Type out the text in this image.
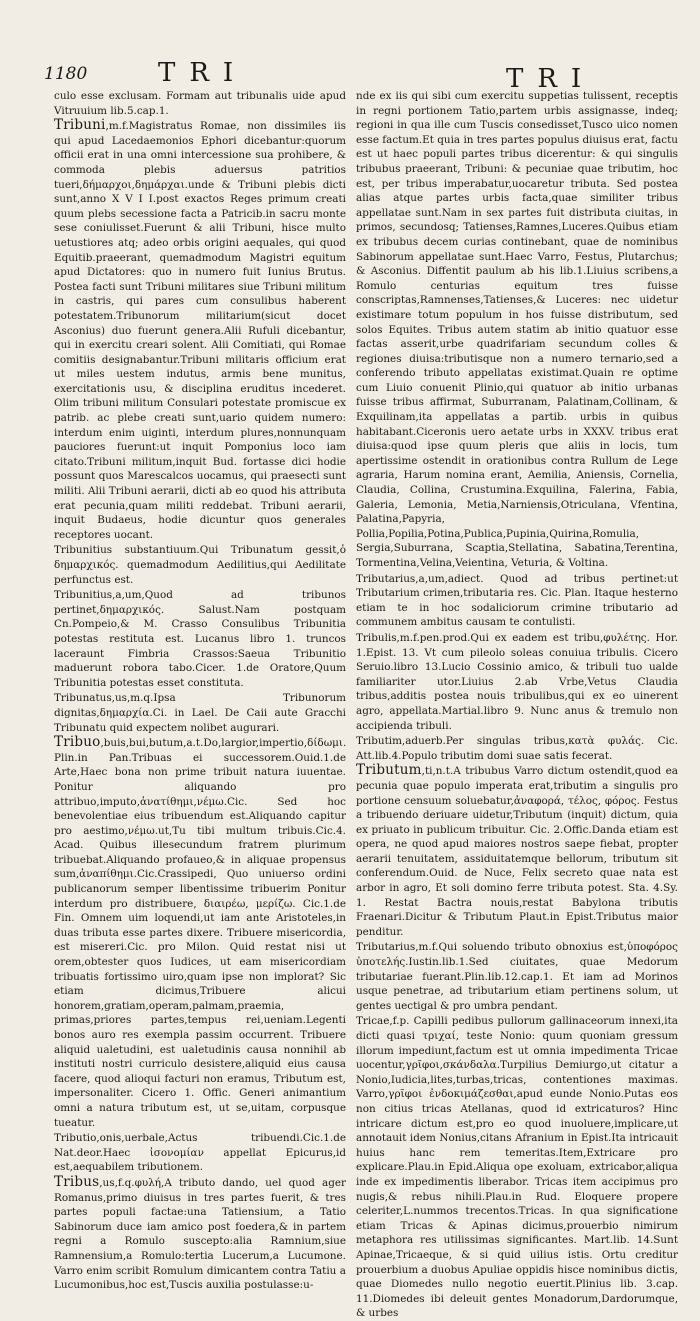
1180	TRI	TRI

culo esse exclusam. Formam aut tribunalis uide apud Vitruuium lib.5.cap.1.

Tribuni,m.f.Magistratus Romae, non dissimiles iis qui apud Lacedaemonios Ephori dicebantur:quorum officii erat in una omni intercessione sua prohibere, & commoda plebis aduersus patritios tueri,δήμαρχοι,δημάρχαι.unde & Tribuni plebis dicti sunt,anno X V I I.post exactos Reges primum creati quum plebs secessione facta a Patricib.in sacru monte sese coniulisset.Fuerunt & alii Tribuni, hisce multo uetustiores atq; adeo orbis origini aequales, qui quod Equitib.praeerant, quemadmodum Magistri equitum apud Dictatores: quo in numero fuit Iunius Brutus. Postea facti sunt Tribuni militares siue Tribuni militum in castris, qui pares cum consulibus haberent potestatem.Tribunorum militarium(sicut docet Asconius) duo fuerunt genera.Alii Rufuli dicebantur, qui in exercitu creari solent. Alii Comitiati, qui Romae comitiis designabantur.Tribuni militaris officium erat ut miles uestem indutus, armis bene munitus, exercitationis usu, & disciplina eruditus incederet. Olim tribuni militum Consulari potestate promiscue ex patrib. ac plebe creati sunt,uario quidem numero: interdum enim uiginti, interdum plures,nonnunquam pauciores fuerunt:ut inquit Pomponius loco iam citato.Tribuni militum,inquit Bud. fortasse dici hodie possunt quos Marescalcos uocamus, qui praesecti sunt militi. Alii Tribuni aerarii, dicti ab eo quod his attributa erat pecunia,quam militi reddebat. Tribuni aerarii, inquit Budaeus, hodie dicuntur quos generales receptores uocant.

Tribunitius substantiuum.Qui Tribunatum gessit,ὁ δημαρχικός. quemadmodum Aedilitius,qui Aedilitate perfunctus est.

Tribunitius,a,um,Quod ad tribunos pertinet,δημαρχικός. Salust.Nam postquam Cn.Pompeio,& M. Crasso Consulibus Tribunitia potestas restituta est. Lucanus libro 1. truncos laceraunt Fimbria Crassos:Saeua Tribunitio maduerunt robora tabo.Cicer. 1.de Oratore,Quum Tribunitia potestas esset constituta.

Tribunatus,us,m.q.Ipsa Tribunorum dignitas,δημαρχία.Ci. in Lael. De Caii aute Gracchi Tribunatu quid expectem nolibet augurari.

Tribuo,buis,bui,butum,a.t.Do,largior,impertio,δίδωμι. Plin.in Pan.Tribuas ei successorem.Ouid.1.de Arte,Haec bona non prime tribuit natura iuuentae. Ponitur aliquando pro attribuo,imputo,ἀνατίθημι,νέμω.Cic. Sed hoc benevolentiae eius tribuendum est.Aliquando capitur pro aestimo,νέμω.ut,Tu tibi multum tribuis.Cic.4. Acad. Quibus illesecundum fratrem plurimum tribuebat.Aliquando profaueo,& in aliquae propensus sum,ἀναπίθημι.Cic.Crassipedi, Quo uniuerso ordini publicanorum semper libentissime tribuerim Ponitur interdum pro distribuere, διαιρέω, μερίζω. Cic.1.de Fin. Omnem uim loquendi,ut iam ante Aristoteles,in duas tributa esse partes dixere. Tribuere misericordia, est misereri.Cic. pro Milon. Quid restat nisi ut orem,obtester quos Iudices, ut eam misericordiam tribuatis fortissimo uiro,quam ipse non implorat? Sic etiam dicimus,Tribuere alicui honorem,gratiam,operam,palmam,praemia, primas,priores partes,tempus rei,ueniam.Legenti bonos auro res exempla passim occurrent. Tribuere aliquid ualetudini, est ualetudinis causa nonnihil ab instituti nostri curriculo desistere,aliquid eius causa facere, quod alioqui facturi non eramus, Tributum est, impersonaliter. Cicero 1. Offic. Generi animantium omni a natura tributum est, ut se,uitam, corpusque tueatur.

Tributio,onis,uerbale,Actus tribuendi.Cic.1.de Nat.deor.Haec ἰσονομίαν appellat Epicurus,id est,aequabilem tributionem.

Tribus,us,f.q.φυλή,A tributo dando, uel quod ager Romanus,primo diuisus in tres partes fuerit, & tres partes populi factae:una Tatiensium, a Tatio Sabinorum duce iam amico post foedera,& in partem regni a Romulo suscepto:alia Ramnium,siue Ramnensium,a Romulo:tertia Lucerum,a Lucumone. Varro enim scribit Romulum dimicantem contra Tatiu a Lucumonibus,hoc est,Tuscis auxilia postulasse:u-

nde ex iis qui sibi cum exercitu suppetias tulissent, receptis in regni portionem Tatio,partem urbis assignasse, indeq; regioni in qua ille cum Tuscis consedisset,Tusco uico nomen esse factum.Et quia in tres partes populus diuisus erat, factu est ut haec populi partes tribus dicerentur: & qui singulis tribubus praeerant, Tribuni: & pecuniae quae tributim, hoc est, per tribus imperabatur,uocaretur tributa. Sed postea alias atque partes urbis facta,quae similiter tribus appellatae sunt.Nam in sex partes fuit distributa ciuitas, in primos, secundosq; Tatienses,Ramnes,Luceres.Quibus etiam ex tribubus decem curias continebant, quae de nominibus Sabinorum appellatae sunt.Haec Varro, Festus, Plutarchus; & Asconius. Diffentit paulum ab his lib.1.Liuius scribens,a Romulo centurias equitum tres fuisse conscriptas,Ramnenses,Tatienses,& Luceres: nec uidetur existimare totum populum in hos fuisse distributum, sed solos Equites. Tribus autem statim ab initio quatuor esse factas asserit,urbe quadrifariam secundum colles & regiones diuisa:tributisque non a numero ternario,sed a conferendo tributo appellatas existimat.Quain re optime cum Liuio conuenit Plinio,qui quatuor ab initio urbanas fuisse tribus affirmat, Suburranam, Palatinam,Collinam, & Exquilinam,ita appellatas a partib. urbis in quibus habitabant.Ciceronis uero aetate urbs in XXXV. tribus erat diuisa:quod ipse quum pleris que aliis in locis, tum apertissime ostendit in orationibus contra Rullum de Lege agraria, Harum nomina erant, Aemilia, Aniensis, Cornelia, Claudia, Collina, Crustumina.Exquilina, Falerina, Fabia, Galeria, Lemonia, Metia,Narniensis,Otriculana, Vfentina, Palatina,Papyria, Pollia,Popilia,Potina,Publica,Pupinia,Quirina,Romulia, Sergia,Suburrana, Scaptia,Stellatina, Sabatina,Terentina, Tormentina,Velina,Veientina, Veturia, & Voltina.

Tributarius,a,um,adiect. Quod ad tribus pertinet:ut Tributarium crimen,tributaria res. Cic. Plan. Itaque hesterno etiam te in hoc sodaliciorum crimine tributario ad communem ambitus causam te contulisti.

Tribulis,m.f.pen.prod.Qui ex eadem est tribu,φυλέτης. Hor. 1.Epist. 13. Vt cum pileolo soleas conuiua tribulis. Cicero Seruio.libro 13.Lucio Cossinio amico, & tribuli tuo ualde familiariter utor.Liuius 2.ab Vrbe,Vetus Claudia tribus,additis postea nouis tribulibus,qui ex eo uinerent agro, appellata.Martial.libro 9. Nunc anus & tremulo non accipienda tribuli.

Tributim,aduerb.Per singulas tribus,κατὰ φυλάς. Cic. Att.lib.4.Populo tributim domi suae satis fecerat.

Tributum,ti,n.t.A tribubus Varro dictum ostendit,quod ea pecunia quae populo imperata erat,tributim a singulis pro portione censuum soluebatur,ἀναφορά, τέλος, φόρος. Festus a tribuendo deriuare uidetur,Tributum (inquit) dictum, quia ex priuato in publicum tribuitur. Cic. 2.Offic.Danda etiam est opera, ne quod apud maiores nostros saepe fiebat, propter aerarii tenuitatem, assiduitatemque bellorum, tributum sit conferendum.Ouid. de Nuce, Felix secreto quae nata est arbor in agro, Et soli domino ferre tributa potest. Sta. 4.Sy. 1. Restat Bactra nouis,restat Babylona tributis Fraenari.Dicitur & Tributum Plaut.in Epist.Tributus maior penditur.

Tributarius,m.f.Qui soluendo tributo obnoxius est,ὑποφόρος ὑποτελής.Iustin.lib.1.Sed ciuitates, quae Medorum tributariae fuerant.Plin.lib.12.cap.1. Et iam ad Morinos usque penetrae, ad tributarium etiam pertinens solum, ut gentes uectigal & pro umbra pendant.

Tricae,f.p. Capilli pedibus pullorum gallinaceorum innexi,ita dicti quasi τριχαί, teste Nonio: quum quoniam gressum illorum impediunt,factum est ut omnia impedimenta Tricae uocentur,γρῖφοι,σκάνδαλα.Turpilius Demiurgo,ut citatur a Nonio,Iudicia,lites,turbas,tricas, contentiones maximas. Varro,γρῖφοι ἐνδοκιμάζεσθαι,apud eunde Nonio.Putas eos non citius tricas Atellanas, quod id extricaturos? Hinc intricare dictum est,pro eo quod inuoluere,implicare,ut annotauit idem Nonius,citans Afranium in Epist.Ita intricauit huius hanc rem temeritas.Item,Extricare pro explicare.Plau.in Epid.Aliqua ope exoluam, extricabor,aliqua inde ex impedimentis liberabor. Tricas item accipimus pro nugis,& rebus nihili.Plau.in Rud. Eloquere propere celeriter,L.nummos trecentos.Tricas. In qua significatione etiam Tricas & Apinas dicimus,prouerbio nimirum metaphora res utilissimas significantes. Mart.lib. 14.Sunt Apinae,Tricaeque, & si quid uilius istis. Ortu creditur prouerbium a duobus Apuliae oppidis hisce nominibus dictis, quae Diomedes nullo negotio euertit.Plinius lib. 3.cap. 11.Diomedes ibi deleuit gentes Monadorum,Dardorumque, & urbes
